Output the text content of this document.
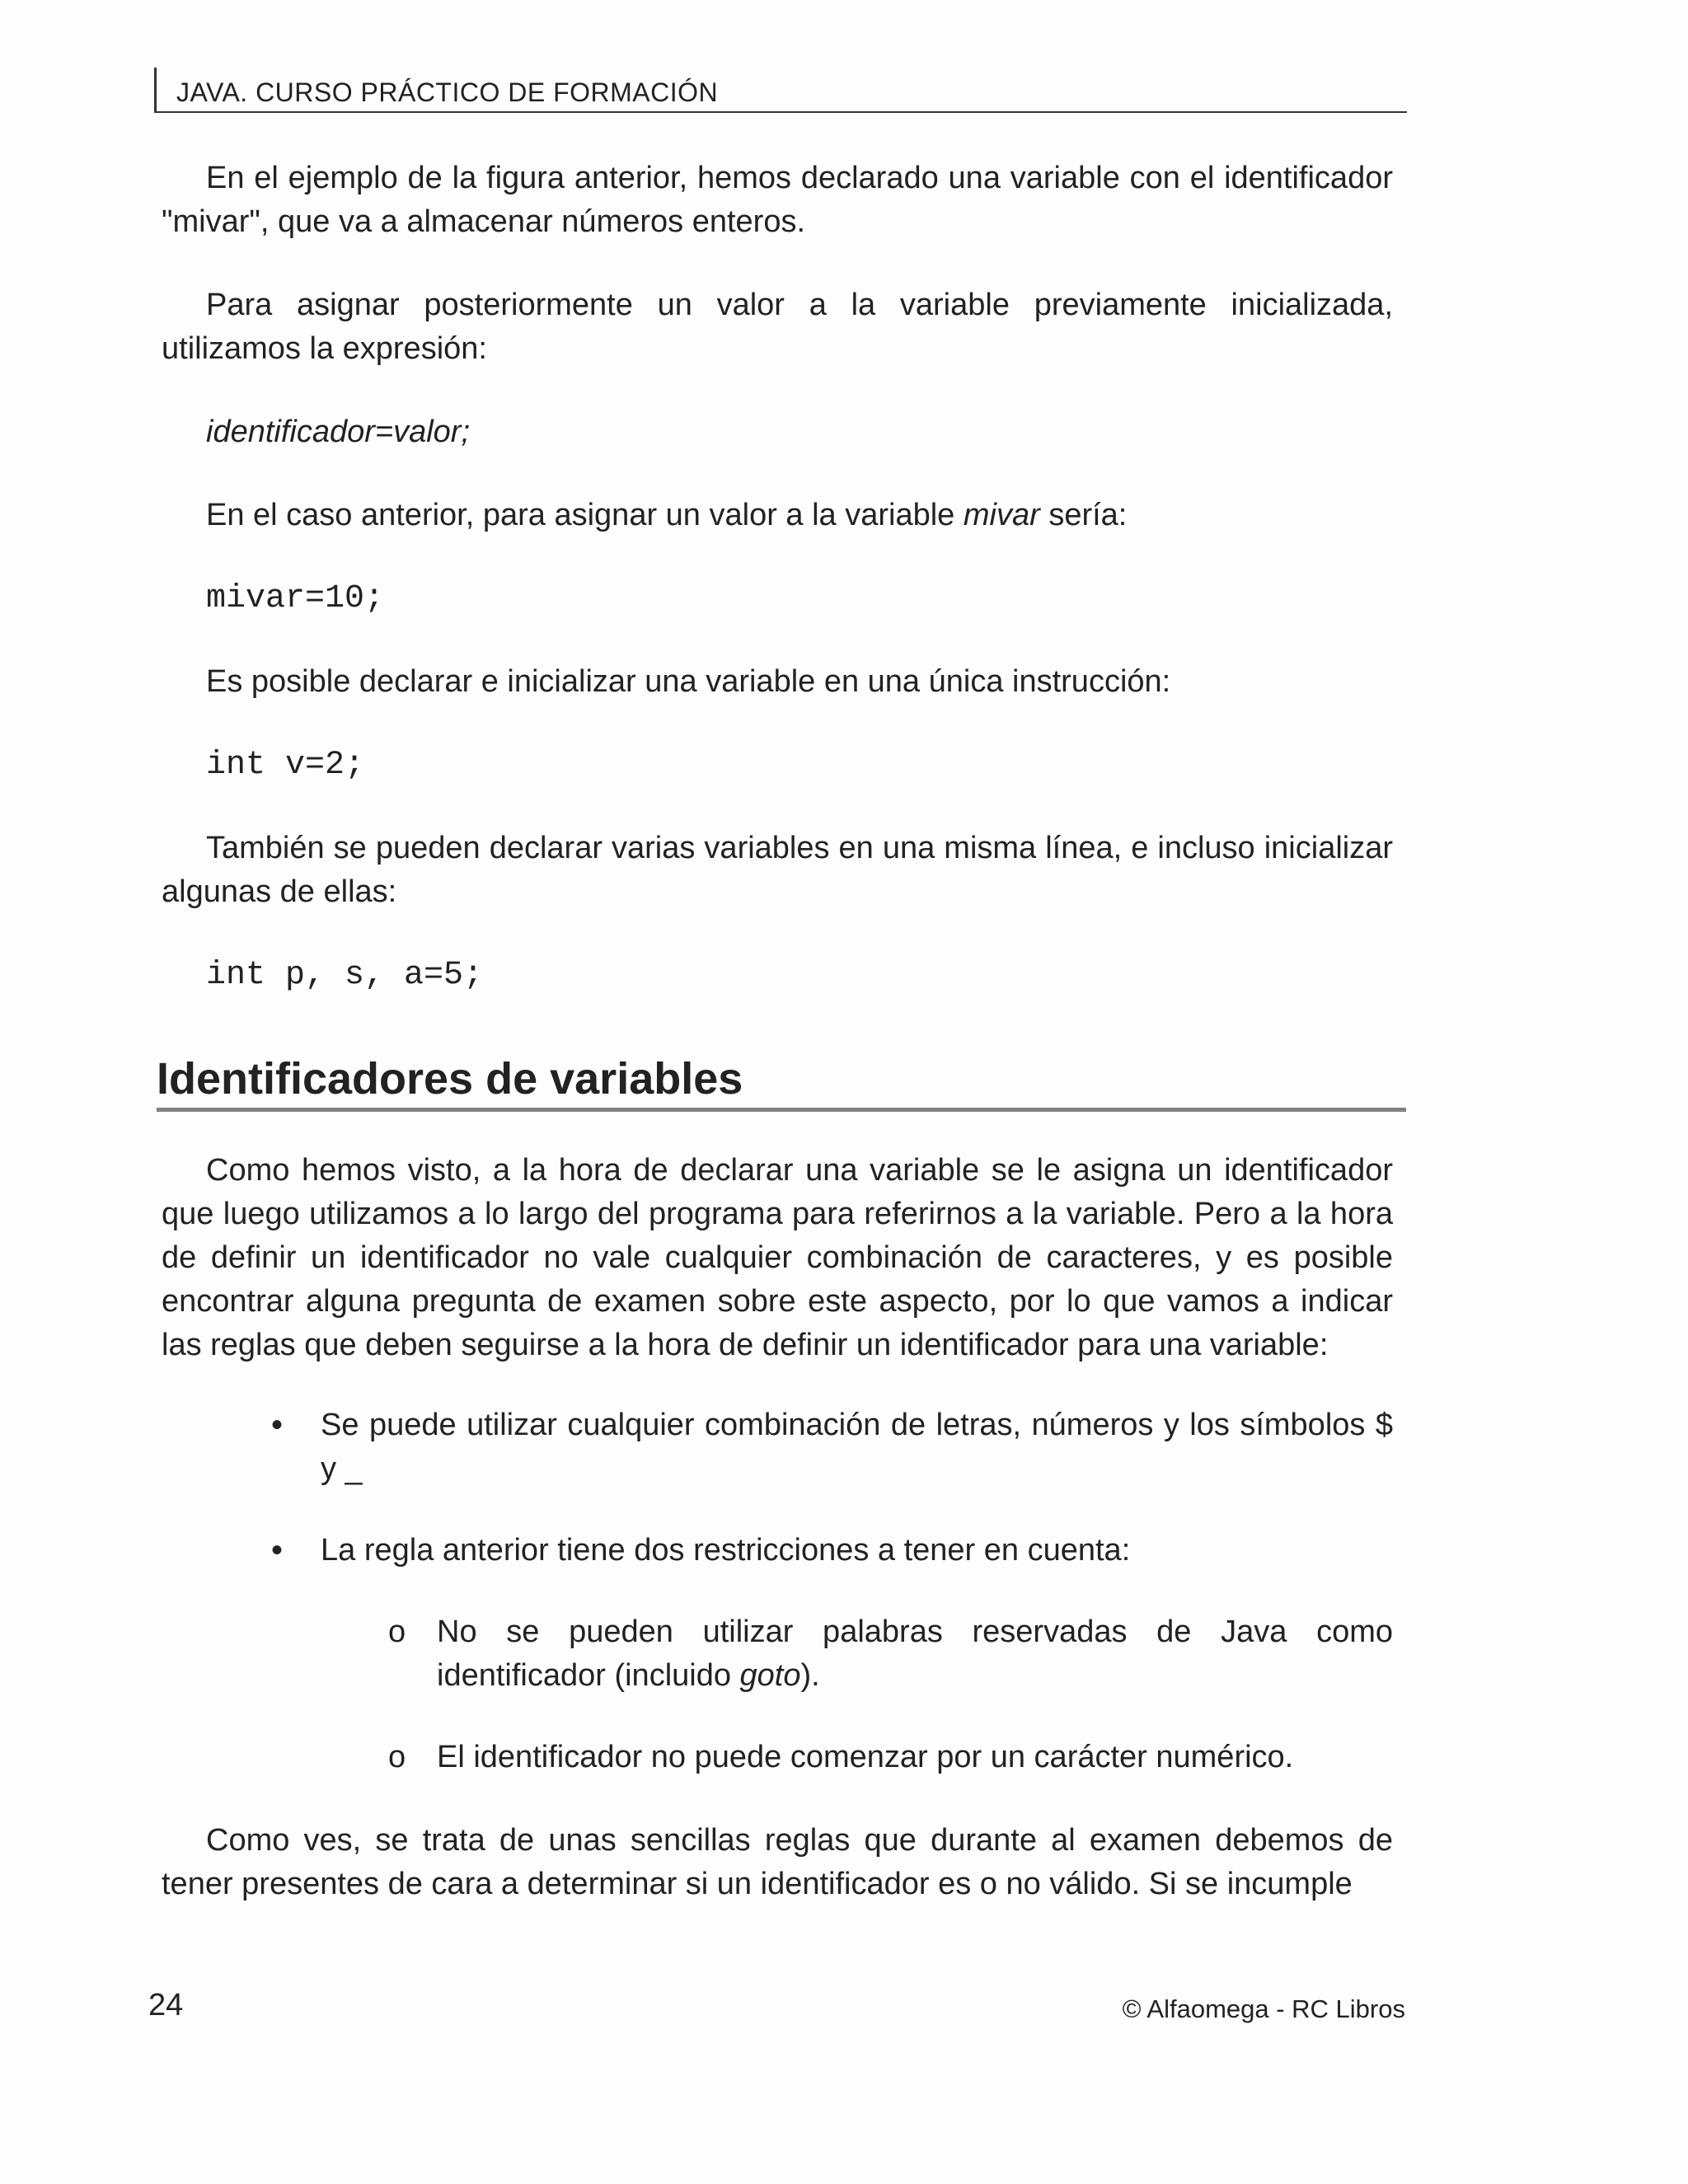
JAVA. CURSO PRÁCTICO DE FORMACIÓN

En el ejemplo de la figura anterior, hemos declarado una variable con el identificador "mivar", que va a almacenar números enteros.

Para asignar posteriormente un valor a la variable previamente inicializada, utilizamos la expresión:

identificador=valor;

En el caso anterior, para asignar un valor a la variable mivar sería:

mivar=10;

Es posible declarar e inicializar una variable en una única instrucción:

int v=2;

También se pueden declarar varias variables en una misma línea, e incluso inicializar algunas de ellas:

int p, s, a=5;

Identificadores de variables

Como hemos visto, a la hora de declarar una variable se le asigna un identificador que luego utilizamos a lo largo del programa para referirnos a la variable. Pero a la hora de definir un identificador no vale cualquier combinación de caracteres, y es posible encontrar alguna pregunta de examen sobre este aspecto, por lo que vamos a indicar las reglas que deben seguirse a la hora de definir un identificador para una variable:

• Se puede utilizar cualquier combinación de letras, números y los símbolos $ y _
• La regla anterior tiene dos restricciones a tener en cuenta:
o No se pueden utilizar palabras reservadas de Java como identificador (incluido goto).
o El identificador no puede comenzar por un carácter numérico.

Como ves, se trata de unas sencillas reglas que durante al examen debemos de tener presentes de cara a determinar si un identificador es o no válido. Si se incumple

24	© Alfaomega - RC Libros
